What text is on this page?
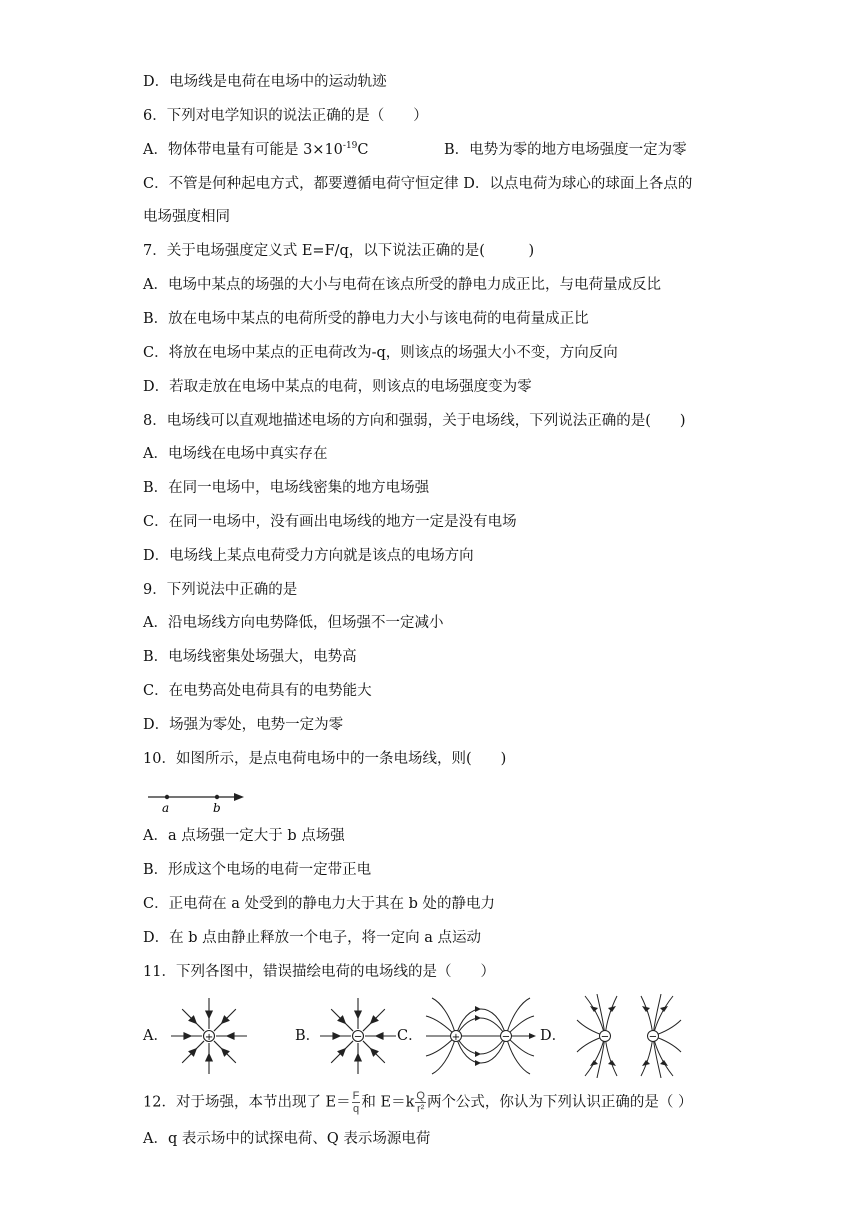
D．电场线是电荷在电场中的运动轨迹
6．下列对电学知识的说法正确的是（　　）
A．物体带电量有可能是 $3\times 10^{-19}C$	B．电势为零的地方电场强度一定为零
C．不管是何种起电方式，都要遵循电荷守恒定律 D．以点电荷为球心的球面上各点的
电场强度相同
7．关于电场强度定义式 E=F/q，以下说法正确的是(　　　)
A．电场中某点的场强的大小与电荷在该点所受的静电力成正比，与电荷量成反比
B．放在电场中某点的电荷所受的静电力大小与该电荷的电荷量成正比
C．将放在电场中某点的正电荷改为-q，则该点的场强大小不变，方向反向
D．若取走放在电场中某点的电荷，则该点的电场强度变为零
8．电场线可以直观地描述电场的方向和强弱，关于电场线，下列说法正确的是(　　)
A．电场线在电场中真实存在
B．在同一电场中，电场线密集的地方电场强
C．在同一电场中，没有画出电场线的地方一定是没有电场
D．电场线上某点电荷受力方向就是该点的电场方向
9．下列说法中正确的是
A．沿电场线方向电势降低，但场强不一定减小
B．电场线密集处场强大，电势高
C．在电势高处电荷具有的电势能大
D．场强为零处，电势一定为零
10．如图所示，是点电荷电场中的一条电场线，则(　　)
a	b
A．a 点场强一定大于 b 点场强
B．形成这个电场的电荷一定带正电
C．正电荷在 a 处受到的静电力大于其在 b 处的静电力
D．在 b 点由静止释放一个电子，将一定向 a 点运动
11．下列各图中，错误描绘电荷的电场线的是（　　）
A．	B．	C．	D．
+	−	+	−	−	−
12．对于场强，本节出现了 $E= \frac{F}{q}$ 和 $E=k \frac{Q}{\text{r²}}$ 两个公式，你认为下列认识正确的是（ ）
A．q 表示场中的试探电荷、Q 表示场源电荷
